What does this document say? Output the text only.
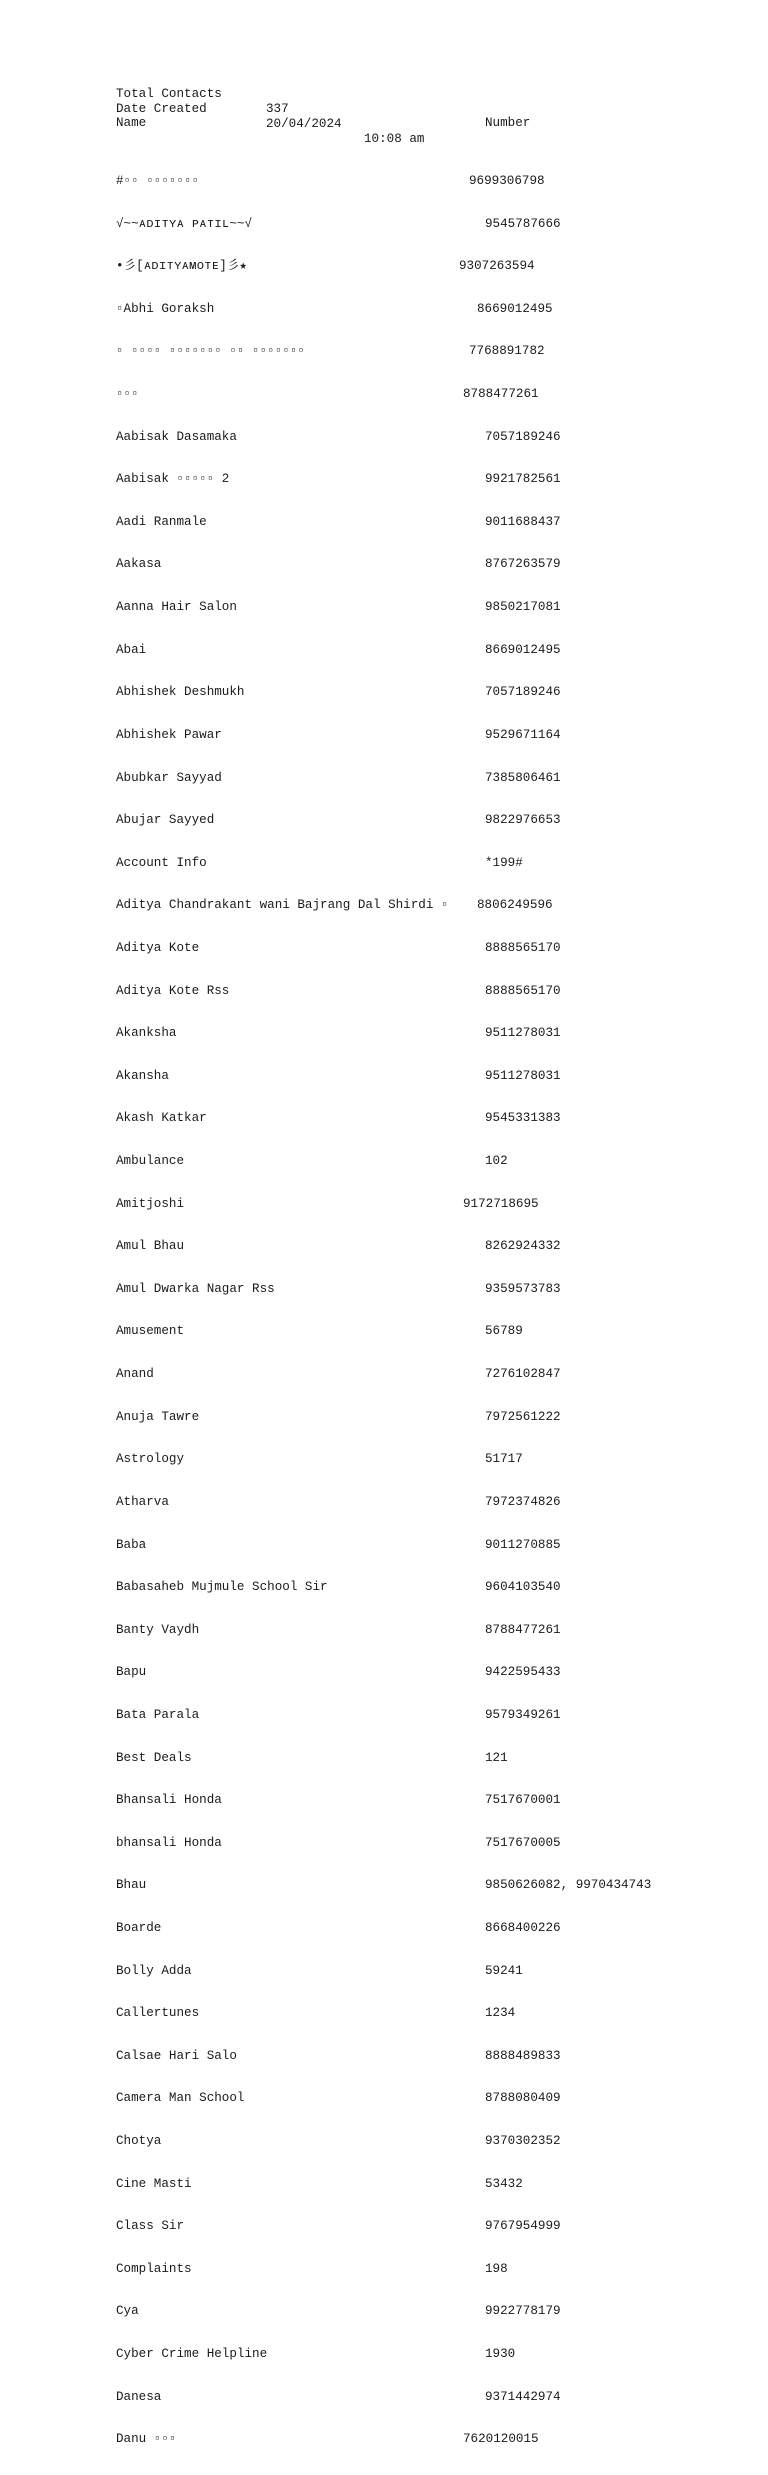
Total Contacts

337

Date Created

20/04/2024

10:08 am

Name	Number

#▫▫ ▫▫▫▫▫▫▫	9699306798

√~~ᴀᴅɪᴛʏᴀ ᴘᴀᴛɪʟ~~√	9545787666

•彡[ᴀᴅɪᴛʏᴀᴍᴏᴛᴇ]彡★	9307263594

▫Abhi Goraksh	8669012495

▫ ▫▫▫▫ ▫▫▫▫▫▫▫ ▫▫ ▫▫▫▫▫▫▫	7768891782

▫▫▫	8788477261

Aabisak Dasamaka	7057189246

Aabisak ▫▫▫▫▫ 2	9921782561

Aadi Ranmale	9011688437

Aakasa	8767263579

Aanna Hair Salon	9850217081

Abai	8669012495

Abhishek Deshmukh	7057189246

Abhishek Pawar	9529671164

Abubkar Sayyad	7385806461

Abujar Sayyed	9822976653

Account Info	*199#

Aditya Chandrakant wani Bajrang Dal Shirdi ▫ 8806249596

Aditya Kote	8888565170

Aditya Kote Rss	8888565170

Akanksha	9511278031

Akansha	9511278031

Akash Katkar	9545331383

Ambulance	102

Amitjoshi	9172718695

Amul Bhau	8262924332

Amul Dwarka Nagar Rss	9359573783

Amusement	56789

Anand	7276102847

Anuja Tawre	7972561222

Astrology	51717

Atharva	7972374826

Baba	9011270885

Babasaheb Mujmule School Sir	9604103540

Banty Vaydh	8788477261

Bapu	9422595433

Bata Parala	9579349261

Best Deals	121

Bhansali Honda	7517670001

bhansali Honda	7517670005

Bhau	9850626082, 9970434743

Boarde	8668400226

Bolly Adda	59241

Callertunes	1234

Calsae Hari Salo	8888489833

Camera Man School	8788080409

Chotya	9370302352

Cine Masti	53432

Class Sir	9767954999

Complaints	198

Cya	9922778179

Cyber Crime Helpline	1930

Danesa	9371442974

Danu ▫▫▫	7620120015
